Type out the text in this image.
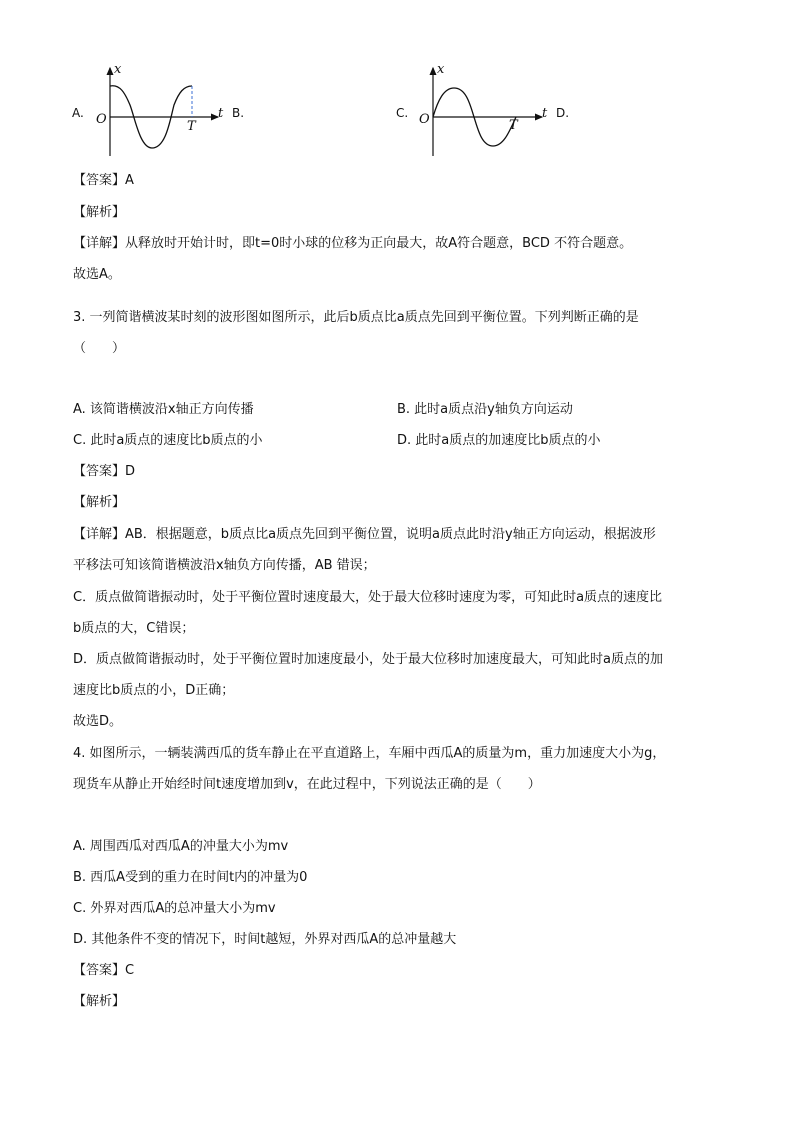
A.
x
O	T
t B.	C.
x
O	T
t D.
【答案】A
【解析】
【详解】从释放时开始计时，即t=0时小球的位移为正向最大，故A符合题意，BCD 不符合题意。
故选A。
3. 一列简谐横波某时刻的波形图如图所示，此后b质点比a质点先回到平衡位置。下列判断正确的是
（　　）
A. 该简谐横波沿x轴正方向传播	B. 此时a质点沿y轴负方向运动
C. 此时a质点的速度比b质点的小	D. 此时a质点的加速度比b质点的小
【答案】D
【解析】
【详解】AB．根据题意，b质点比a质点先回到平衡位置，说明a质点此时沿y轴正方向运动，根据波形
平移法可知该简谐横波沿x轴负方向传播，AB 错误；
C．质点做简谐振动时，处于平衡位置时速度最大，处于最大位移时速度为零，可知此时a质点的速度比
b质点的大，C错误；
D．质点做简谐振动时，处于平衡位置时加速度最小，处于最大位移时加速度最大，可知此时a质点的加
速度比b质点的小，D正确；
故选D。
4. 如图所示，一辆装满西瓜的货车静止在平直道路上，车厢中西瓜A的质量为m，重力加速度大小为g，
现货车从静止开始经时间t速度增加到v，在此过程中，下列说法正确的是（　　）
A. 周围西瓜对西瓜A的冲量大小为mv
B. 西瓜A受到的重力在时间t内的冲量为0
C. 外界对西瓜A的总冲量大小为mv
D. 其他条件不变的情况下，时间t越短，外界对西瓜A的总冲量越大
【答案】C
【解析】
